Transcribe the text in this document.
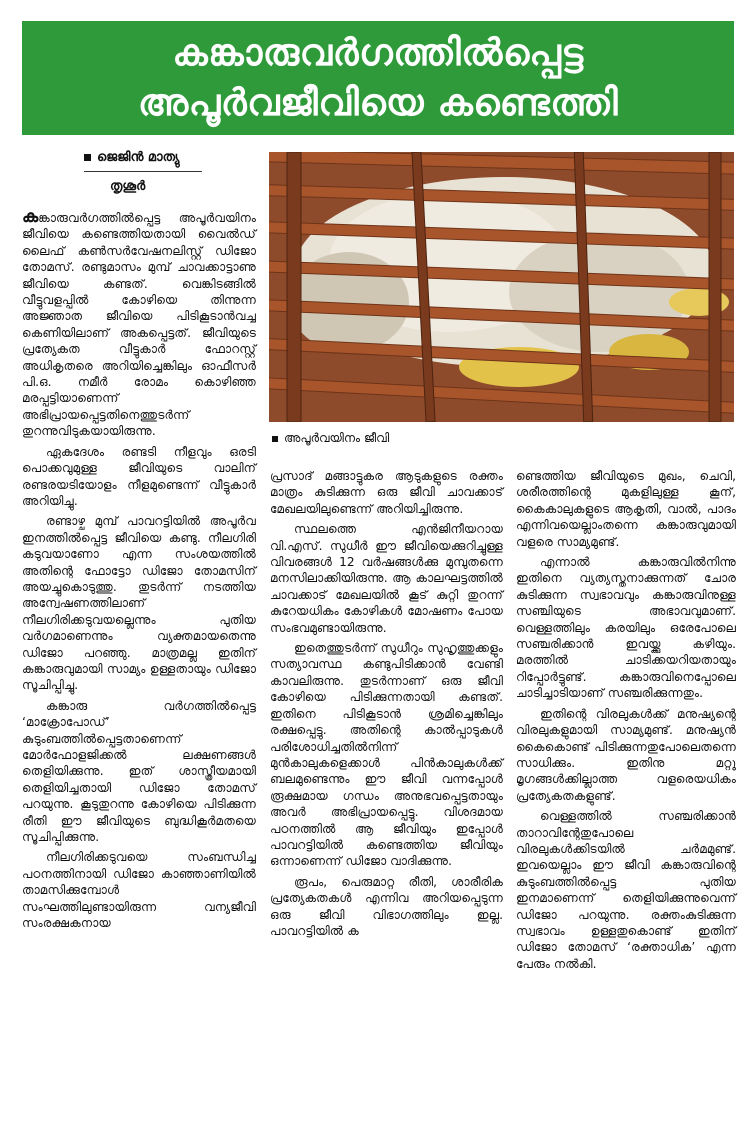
കങ്കാരുവർഗത്തിൽപ്പെട്ട
അപൂർവജീവിയെ കണ്ടെത്തി
ജെജിൻ മാത്യു
തൃശൂർ
അപൂർവയിനം ജീവി

കങ്കാരുവർഗത്തിൽപ്പെട്ട അപൂർവയിനം ജീവിയെ കണ്ടെത്തിയതായി വൈൽഡ് ലൈഫ് കൺസർവേഷനലിസ്റ്റ് ഡിജോ തോമസ്. രണ്ടുമാസം മുമ്പ് ചാവക്കാട്ടാണു ജീവിയെ കണ്ടത്. വെങ്കിടങ്ങിൽ വീട്ടുവളപ്പിൽ കോഴിയെ തിന്നുന്ന അജ്ഞാത ജീവിയെ പിടികൂടാൻവച്ച കെണിയിലാണ് അകപ്പെട്ടത്. ജീവിയുടെ പ്രത്യേകത വീട്ടുകാർ ഫോറസ്റ്റ് അധികൃതരെ അറിയിച്ചെങ്കിലും ഓഫീസർ പി.ഒ. നമീർ രോമം കൊഴിഞ്ഞ മരപ്പട്ടിയാണെന്ന് അഭിപ്രായപ്പെട്ടതിനെത്തുടർന്ന് തുറന്നുവിടുകയായിരുന്നു.

ഏകദേശം രണ്ടടി നീളവും ഒരടി പൊക്കവുമുള്ള ജീവിയുടെ വാലിന് രണ്ടരയടിയോളം നീളമുണ്ടെന്ന് വീട്ടുകാർ അറിയിച്ചു.

രണ്ടാഴ്ച മുമ്പ് പാവറട്ടിയിൽ അപൂർവ ഇനത്തിൽപ്പെട്ട ജീവിയെ കണ്ടു. നീലഗിരി കടുവയാണോ എന്ന സംശയത്തിൽ അതിന്റെ ഫോട്ടോ ഡിജോ തോമസിന് അയച്ചുകൊടുത്തു. തുടർന്ന് നടത്തിയ അന്വേഷണത്തിലാണ് നീലഗിരിക്കടുവയല്ലെന്നും പുതിയ വർഗമാണെന്നും വ്യക്തമായതെന്നു ഡിജോ പറഞ്ഞു. മാത്രമല്ല ഇതിന് കങ്കാരുവുമായി സാമ്യം ഉള്ളതായും ഡിജോ സൂചിപ്പിച്ചു.

കങ്കാരു വർഗത്തിൽപ്പെട്ട ‘മാക്രോപോഡ്’ കുടുംബത്തിൽപ്പെട്ടതാണെന്ന് മോർഫോളജിക്കൽ ലക്ഷണങ്ങൾ തെളിയിക്കുന്നു. ഇത് ശാസ്ത്രീയമായി തെളിയിച്ചതായി ഡിജോ തോമസ് പറയുന്നു. കൂടുതുറന്നു കോഴിയെ പിടിക്കുന്ന രീതി ഈ ജീവിയുടെ ബുദ്ധികൂർമതയെ സൂചിപ്പിക്കുന്നു.

നീലഗിരിക്കടുവയെ സംബന്ധിച്ച പഠനത്തിനായി ഡിജോ കാഞ്ഞാണിയിൽ താമസിക്കുമ്പോൾ സംഘത്തിലുണ്ടായിരുന്ന വന്യജീവി സംരക്ഷകനായ

പ്രസാദ് മങ്ങാട്ടുകര ആടുകളുടെ രക്തം മാത്രം കുടിക്കുന്ന ഒരു ജീവി ചാവക്കാട് മേഖലയിലുണ്ടെന്ന് അറിയിച്ചിരുന്നു.

സ്ഥലത്തെ എൻജിനീയറായ വി.എസ്. സുധീർ ഈ ജീവിയെക്കുറിച്ചുള്ള വിവരങ്ങൾ 12 വർഷങ്ങൾക്കു മുമ്പുതന്നെ മനസിലാക്കിയിരുന്നു. ആ കാലഘട്ടത്തിൽ ചാവക്കാട് മേഖലയിൽ കൂട് കുറ്റി തുറന്ന് കുറേയധികം കോഴികൾ മോഷണം പോയ സംഭവമുണ്ടായിരുന്നു.

ഇതെത്തുടർന്ന് സുധീറും സുഹൃത്തുക്കളും സത്യാവസ്ഥ കണ്ടുപിടിക്കാൻ വേണ്ടി കാവലിരുന്നു. തുടർന്നാണ് ഒരു ജീവി കോഴിയെ പിടിക്കുന്നതായി കണ്ടത്. ഇതിനെ പിടികൂടാൻ ശ്രമിച്ചെങ്കിലും രക്ഷപ്പെട്ടു. അതിന്റെ കാൽപ്പാടുകൾ പരിശോധിച്ചതിൽനിന്ന് മുൻകാലുകളെക്കാൾ പിൻകാലുകൾക്ക് ബലമുണ്ടെന്നും ഈ ജീവി വന്നപ്പോൾ രൂക്ഷമായ ഗന്ധം അനുഭവപ്പെട്ടതായും അവർ അഭിപ്രായപ്പെട്ടു. വിശദമായ പഠനത്തിൽ ആ ജീവിയും ഇപ്പോൾ പാവറട്ടിയിൽ കണ്ടെത്തിയ ജീവിയും ഒന്നാണെന്ന് ഡിജോ വാദിക്കുന്നു.

രൂപം, പെരുമാറ്റ രീതി, ശാരീരിക പ്രത്യേകതകൾ എന്നിവ അറിയപ്പെടുന്ന ഒരു ജീവി വിഭാഗത്തിലും ഇല്ല. പാവറട്ടിയിൽ ക

ണ്ടെത്തിയ ജീവിയുടെ മുഖം, ചെവി, ശരീരത്തിന്റെ മുകളിലുള്ള കൂന്, കൈകാലുകളുടെ ആകൃതി, വാൽ, പാദം എന്നിവയെല്ലാംതന്നെ കങ്കാരുവുമായി വളരെ സാമ്യമുണ്ട്.

എന്നാൽ കങ്കാരുവിൽനിന്നു ഇതിനെ വ്യത്യസ്തനാക്കുന്നത് ചോര കുടിക്കുന്ന സ്വഭാവവും കങ്കാരുവിനുള്ള സഞ്ചിയുടെ അഭാവവുമാണ്. വെള്ളത്തിലും കരയിലും ഒരേപോലെ സഞ്ചരിക്കാൻ ഇവയ്ക്കു കഴിയും. മരത്തിൽ ചാടിക്കയറിയതായും റിപ്പോർട്ടുണ്ട്. കങ്കാരുവിനെപ്പോലെ ചാടിച്ചാടിയാണ് സഞ്ചരിക്കുന്നതും.

ഇതിന്റെ വിരലുകൾക്ക് മനുഷ്യന്റെ വിരലുകളുമായി സാമ്യമുണ്ട്. മനുഷ്യൻ കൈകൊണ്ട് പിടിക്കുന്നതുപോലെതന്നെ സാധിക്കും. ഇതിനു മറ്റു മൃഗങ്ങൾക്കില്ലാത്ത വളരെയധികം പ്രത്യേകതകളുണ്ട്.

വെള്ളത്തിൽ സഞ്ചരിക്കാൻ താറാവിന്റേതുപോലെ വിരലുകൾക്കിടയിൽ ചർമമുണ്ട്. ഇവയെല്ലാം ഈ ജീവി കങ്കാരുവിന്റെ കുടുംബത്തിൽപ്പെട്ട പുതിയ ഇനമാണെന്ന് തെളിയിക്കുന്നുവെന്ന് ഡിജോ പറയുന്നു. രക്തംകുടിക്കുന്ന സ്വഭാവം ഉള്ളതുകൊണ്ട് ഇതിന് ഡിജോ തോമസ് ‘രക്താധിക’ എന്ന പേരും നൽകി.
